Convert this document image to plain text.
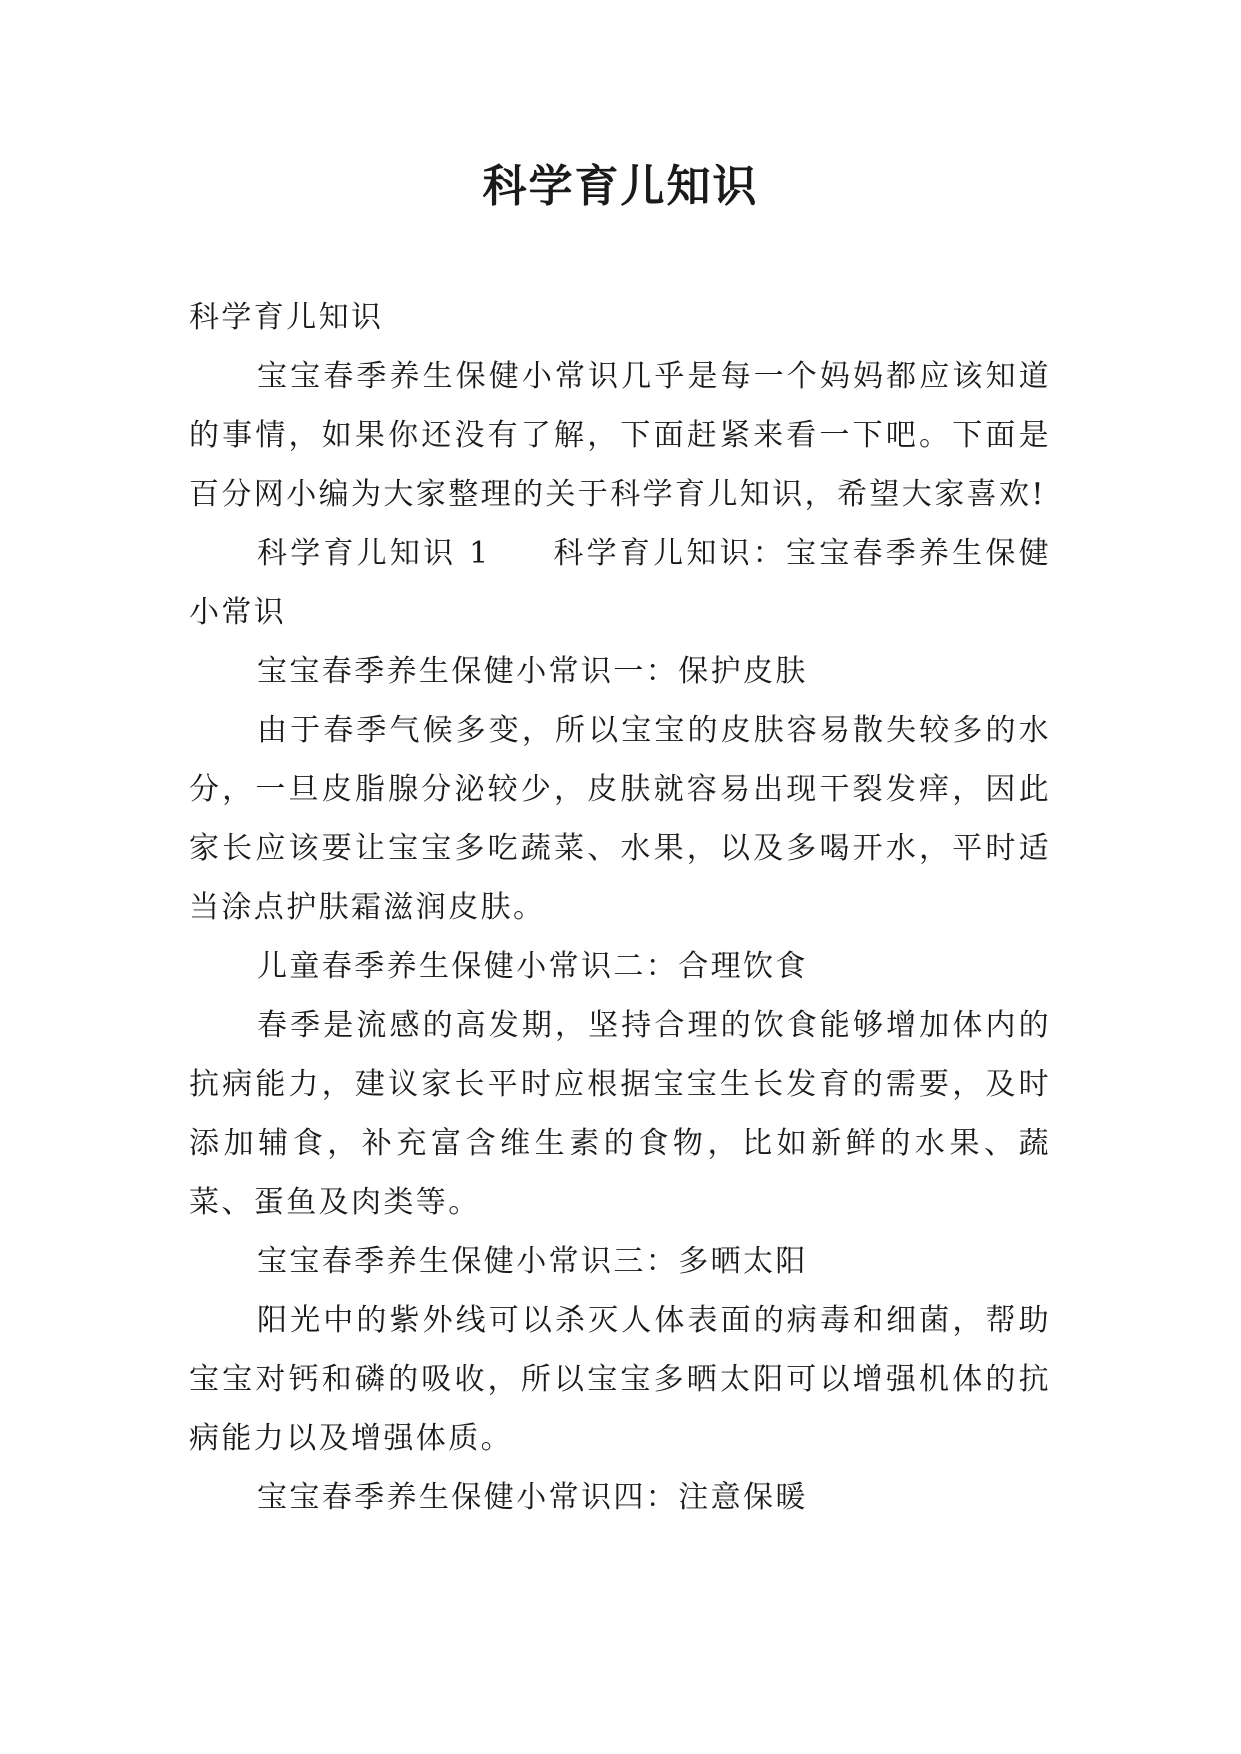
科学育儿知识

科学育儿知识

宝宝春季养生保健小常识几乎是每一个妈妈都应该知道的事情，如果你还没有了解，下面赶紧来看一下吧。下面是百分网小编为大家整理的关于科学育儿知识，希望大家喜欢!

科学育儿知识 1 科学育儿知识：宝宝春季养生保健小常识

宝宝春季养生保健小常识一：保护皮肤

由于春季气候多变，所以宝宝的皮肤容易散失较多的水分，一旦皮脂腺分泌较少，皮肤就容易出现干裂发痒，因此家长应该要让宝宝多吃蔬菜、水果，以及多喝开水，平时适当涂点护肤霜滋润皮肤。

儿童春季养生保健小常识二：合理饮食

春季是流感的高发期，坚持合理的饮食能够增加体内的抗病能力，建议家长平时应根据宝宝生长发育的需要，及时添加辅食，补充富含维生素的食物，比如新鲜的水果、蔬菜、蛋鱼及肉类等。

宝宝春季养生保健小常识三：多晒太阳

阳光中的紫外线可以杀灭人体表面的病毒和细菌，帮助宝宝对钙和磷的吸收，所以宝宝多晒太阳可以增强机体的抗病能力以及增强体质。

宝宝春季养生保健小常识四：注意保暖
